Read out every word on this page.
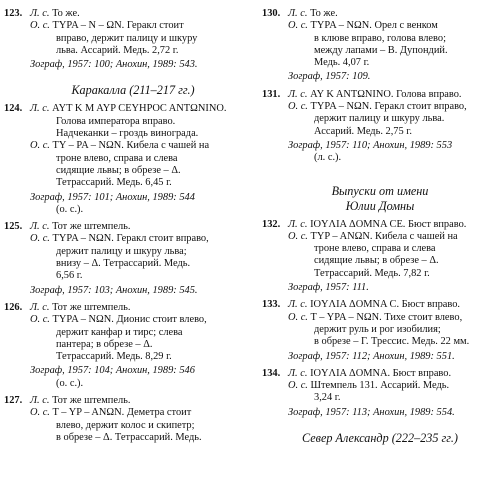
123. Л. с. То же.
О. с. TYPA – N – ΩN. Геракл стоит
вправо, держит палицу и шкуру
льва. Ассарий. Медь. 2,72 г.
Зограф, 1957: 100; Анохин, 1989: 543.
Каракалла (211–217 гг.)
124. Л. с. AYT K M AYP CEYHPOC ANTΩNINO.
Голова императора вправо.
Надчеканки – гроздь винограда.
О. с. TY – PA – NΩN. Кибела с чашей на
троне влево, справа и слева
сидящие львы; в обрезе – Δ.
Тетрассарий. Медь. 6,45 г.
Зограф, 1957: 101; Анохин, 1989: 544
(о. с.).
125. Л. с. Тот же штемпель.
О. с. TYPA – NΩN. Геракл стоит вправо,
держит палицу и шкуру льва;
внизу – Δ. Тетрассарий. Медь.
6,56 г.
Зограф, 1957: 103; Анохин, 1989: 545.
126. Л. с. Тот же штемпель.
О. с. TYPA – NΩN. Дионис стоит влево,
держит канфар и тирс; слева
пантера; в обрезе – Δ.
Тетрассарий. Медь. 8,29 г.
Зограф, 1957: 104; Анохин, 1989: 546
(о. с.).
127. Л. с. Тот же штемпель.
О. с. T – YP – ANΩN. Деметра стоит
влево, держит колос и скипетр;
в обрезе – Δ. Тетрассарий. Медь.
130. Л. с. То же.
О. с. TYPA – NΩN. Орел с венком
в клюве вправо, голова влево;
между лапами – В. Дупондий.
Медь. 4,07 г.
Зограф, 1957: 109.
131. Л. с. AY K ANTΩNINO. Голова вправо.
О. с. TYPA – NΩN. Геракл стоит вправо,
держит палицу и шкуру льва.
Ассарий. Медь. 2,75 г.
Зограф, 1957: 110; Анохин, 1989: 553
(л. с.).
Выпуски от имени
Юлии Домны
132. Л. с. IOYΛIA ΔOMNA CE. Бюст вправо.
О. с. TYP – ANΩN. Кибела с чашей на
троне влево, справа и слева
сидящие львы; в обрезе – Δ.
Тетрассарий. Медь. 7,82 г.
Зограф, 1957: 111.
133. Л. с. IOYΛIA ΔOMNA C. Бюст вправо.
О. с. T – YPA – NΩN. Тихе стоит влево,
держит руль и рог изобилия;
в обрезе – Г. Трессис. Медь. 22 мм.
Зограф, 1957: 112; Анохин, 1989: 551.
134. Л. с. IOYΛIA ΔOMNA. Бюст вправо.
О. с. Штемпель 131. Ассарий. Медь.
3,24 г.
Зограф, 1957: 113; Анохин, 1989: 554.
Север Александр (222–235 гг.)
